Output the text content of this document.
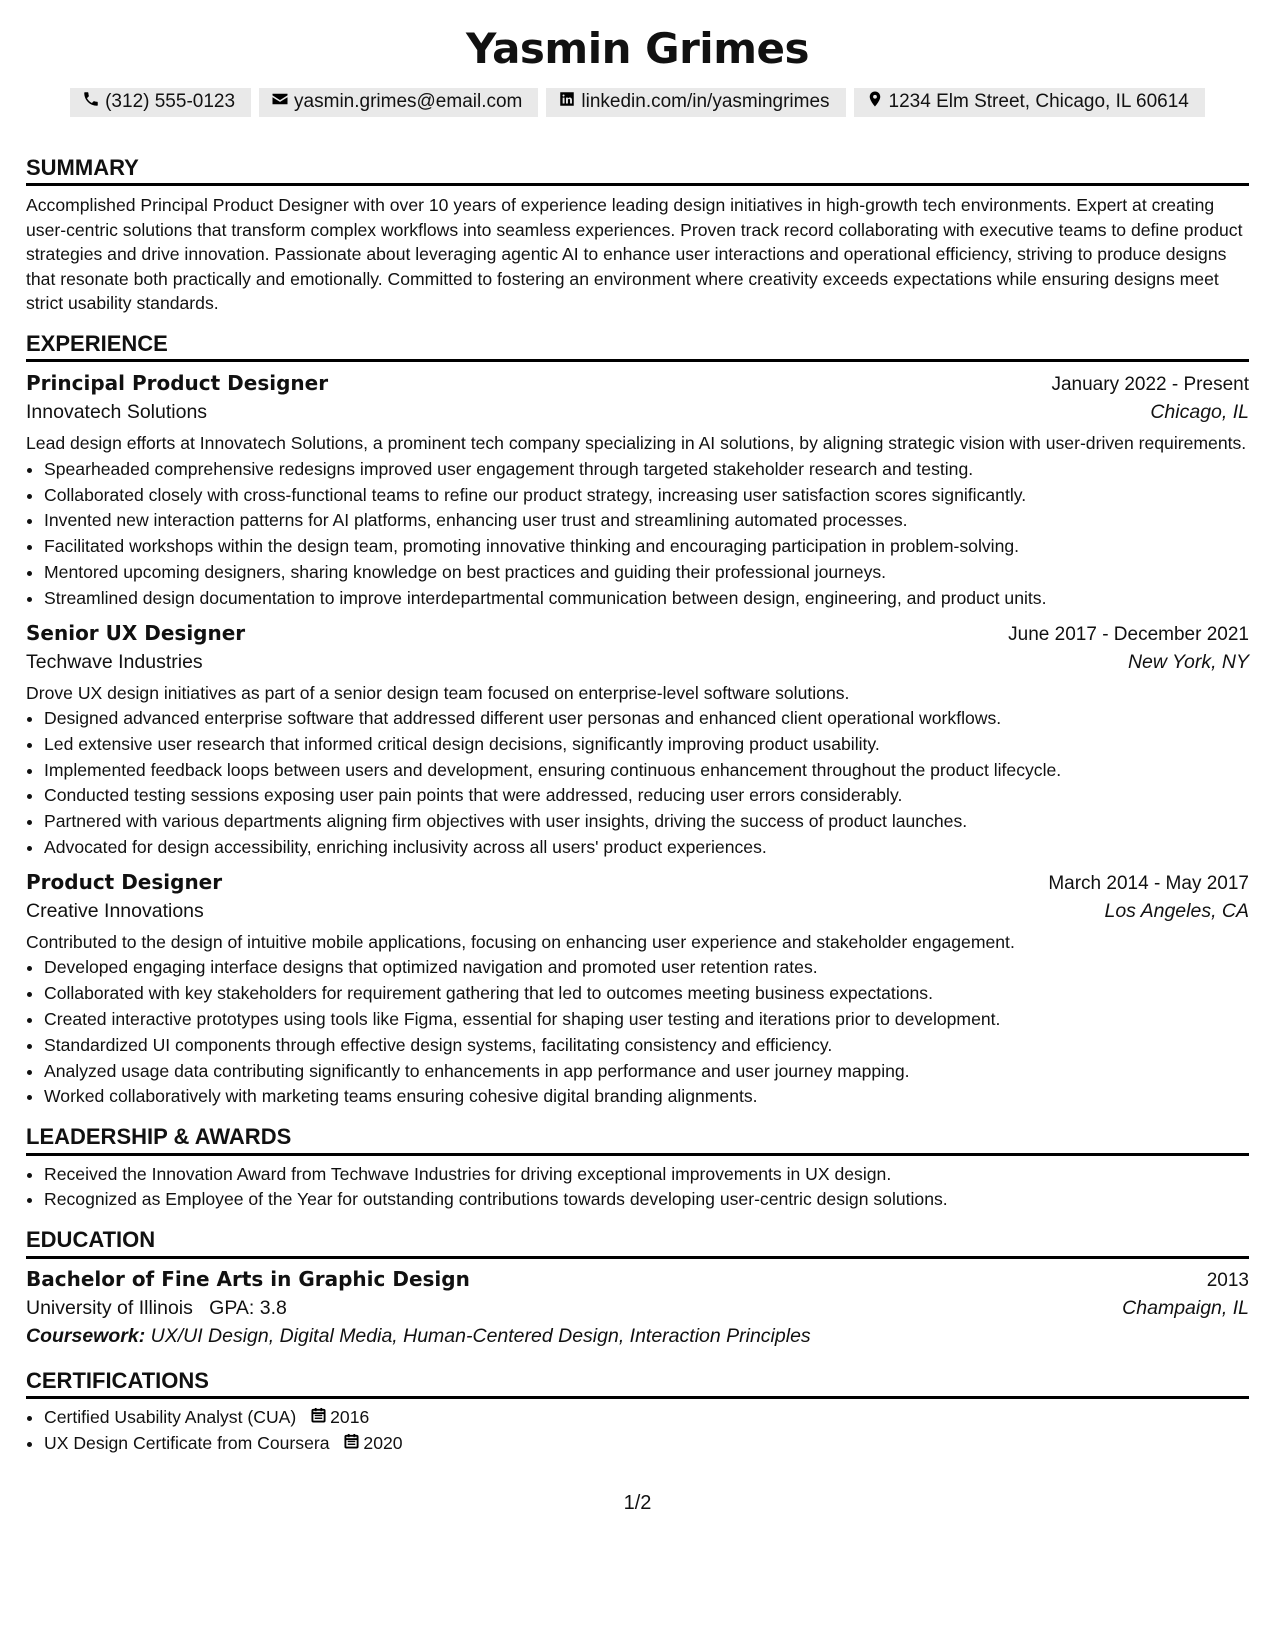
Yasmin Grimes
(312) 555-0123	yasmin.grimes@email.com	linkedin.com/in/yasmingrimes	1234 Elm Street, Chicago, IL 60614
SUMMARY
Accomplished Principal Product Designer with over 10 years of experience leading design initiatives in high-growth tech environments. Expert at creating user-centric solutions that transform complex workflows into seamless experiences. Proven track record collaborating with executive teams to define product strategies and drive innovation. Passionate about leveraging agentic AI to enhance user interactions and operational efficiency, striving to produce designs that resonate both practically and emotionally. Committed to fostering an environment where creativity exceeds expectations while ensuring designs meet strict usability standards.
EXPERIENCE
Principal Product Designer	January 2022 - Present
Innovatech Solutions	Chicago, IL
Lead design efforts at Innovatech Solutions, a prominent tech company specializing in AI solutions, by aligning strategic vision with user-driven requirements.
• Spearheaded comprehensive redesigns improved user engagement through targeted stakeholder research and testing.
• Collaborated closely with cross-functional teams to refine our product strategy, increasing user satisfaction scores significantly.
• Invented new interaction patterns for AI platforms, enhancing user trust and streamlining automated processes.
• Facilitated workshops within the design team, promoting innovative thinking and encouraging participation in problem-solving.
• Mentored upcoming designers, sharing knowledge on best practices and guiding their professional journeys.
• Streamlined design documentation to improve interdepartmental communication between design, engineering, and product units.
Senior UX Designer	June 2017 - December 2021
Techwave Industries	New York, NY
Drove UX design initiatives as part of a senior design team focused on enterprise-level software solutions.
• Designed advanced enterprise software that addressed different user personas and enhanced client operational workflows.
• Led extensive user research that informed critical design decisions, significantly improving product usability.
• Implemented feedback loops between users and development, ensuring continuous enhancement throughout the product lifecycle.
• Conducted testing sessions exposing user pain points that were addressed, reducing user errors considerably.
• Partnered with various departments aligning firm objectives with user insights, driving the success of product launches.
• Advocated for design accessibility, enriching inclusivity across all users' product experiences.
Product Designer	March 2014 - May 2017
Creative Innovations	Los Angeles, CA
Contributed to the design of intuitive mobile applications, focusing on enhancing user experience and stakeholder engagement.
• Developed engaging interface designs that optimized navigation and promoted user retention rates.
• Collaborated with key stakeholders for requirement gathering that led to outcomes meeting business expectations.
• Created interactive prototypes using tools like Figma, essential for shaping user testing and iterations prior to development.
• Standardized UI components through effective design systems, facilitating consistency and efficiency.
• Analyzed usage data contributing significantly to enhancements in app performance and user journey mapping.
• Worked collaboratively with marketing teams ensuring cohesive digital branding alignments.
LEADERSHIP & AWARDS
• Received the Innovation Award from Techwave Industries for driving exceptional improvements in UX design.
• Recognized as Employee of the Year for outstanding contributions towards developing user-centric design solutions.
EDUCATION
Bachelor of Fine Arts in Graphic Design	2013
University of Illinois GPA: 3.8	Champaign, IL
Coursework: UX/UI Design, Digital Media, Human-Centered Design, Interaction Principles
CERTIFICATIONS
• Certified Usability Analyst (CUA) 2016
• UX Design Certificate from Coursera 2020
1/2
